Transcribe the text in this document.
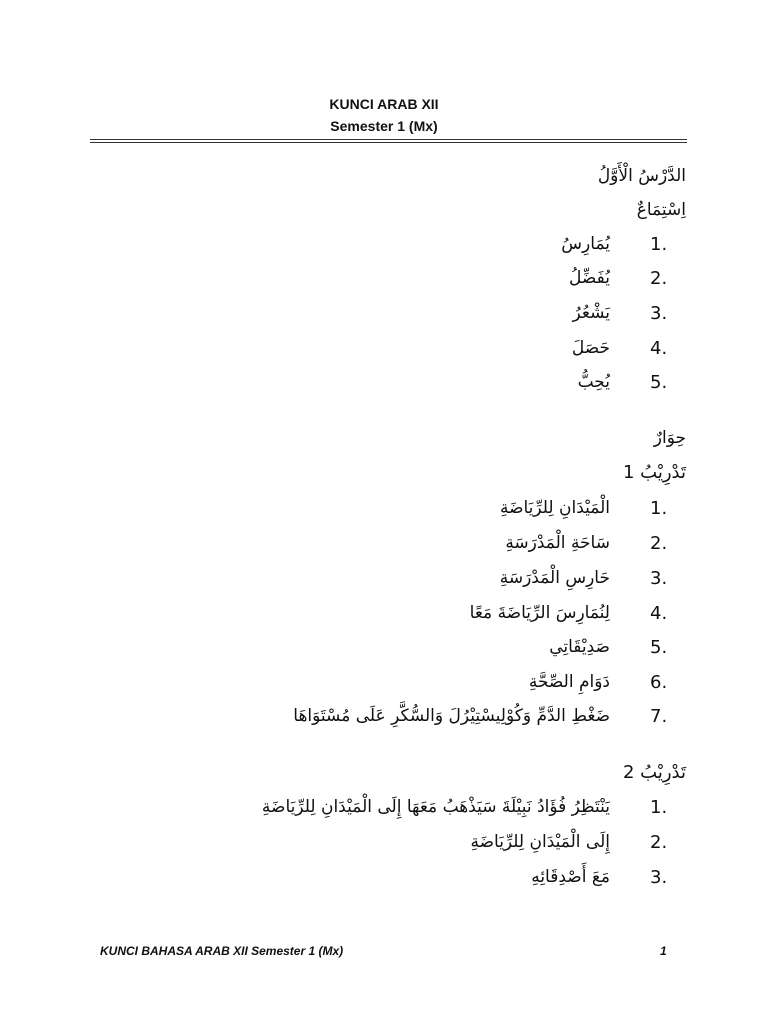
KUNCI ARAB XII
Semester 1 (Mx)
الدَّرْسُ الْأَوَّلُ
اِسْتِمَاعٌ
1.
يُمَارِسُ
2.
يُفَضِّلُ
3.
يَشْعُرُ
4.
حَصَلَ
5.
يُحِبُّ
حِوَارٌ
تَدْرِيْبُ 1
1.
الْمَيْدَانِ لِلرِّيَاضَةِ
2.
سَاحَةِ الْمَدْرَسَةِ
3.
حَارِسِ الْمَدْرَسَةِ
4.
لِنُمَارِسَ الرِّيَاضَةَ مَعًا
5.
صَدِيْقَاتِي
6.
دَوَامِ الصِّحَّةِ
7.
ضَغْطِ الدَّمِّ وَكُوْلِيسْتِيْرُلَ وَالسُّكَّرِ عَلَى مُسْتَوَاهَا
تَدْرِيْبُ 2
1.
يَنْتَظِرُ فُؤَادُ نَبِيْلَةَ سَيَذْهَبُ مَعَهَا إِلَى الْمَيْدَانِ لِلرِّيَاضَةِ
2.
إِلَى الْمَيْدَانِ لِلرِّيَاضَةِ
3.
مَعَ أَصْدِقَائِهِ
KUNCI BAHASA ARAB XII Semester 1 (Mx)	1
